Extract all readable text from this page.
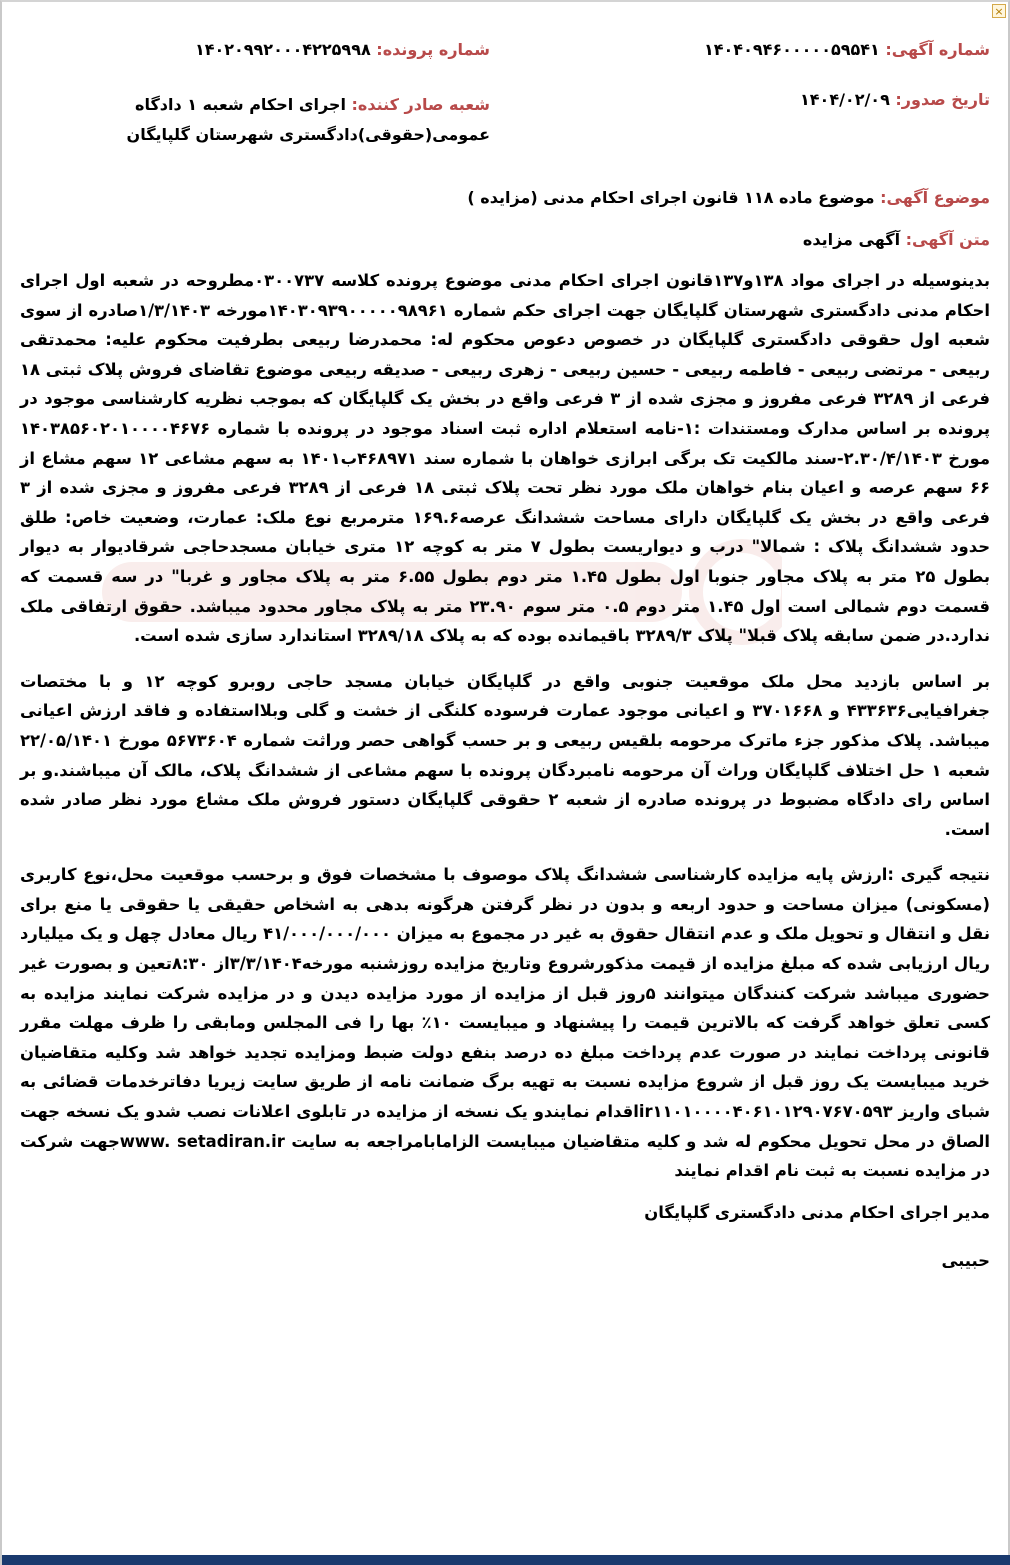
×
شماره آگهی: ۱۴۰۴۰۹۴۶۰۰۰۰۰۵۹۵۴۱
شماره پرونده: ۱۴۰۲۰۹۹۲۰۰۰۴۲۲۵۹۹۸
تاریخ صدور: ۱۴۰۴/۰۲/۰۹
شعبه صادر کننده: اجرای احکام شعبه ۱ دادگاه عمومی(حقوقی)دادگستری شهرستان گلپایگان
موضوع آگهی: موضوع ماده ۱۱۸ قانون اجرای احکام مدنی (مزایده )
متن آگهی: آگهی مزایده

بدینوسیله در اجرای مواد ۱۳۸و۱۳۷قانون اجرای احکام مدنی موضوع پرونده کلاسه ۰۳۰۰۷۳۷مطروحه در شعبه اول اجرای احکام مدنی دادگستری شهرستان گلپایگان جهت اجرای حکم شماره ۱۴۰۳۰۹۳۹۰۰۰۰۰۹۸۹۶۱مورخه ۱/۳/۱۴۰۳صادره از سوی شعبه اول حقوقی دادگستری گلپایگان در خصوص دعوص محکوم له: محمدرضا ربیعی بطرفیت محکوم علیه: محمدتقی ربیعی - مرتضی ربیعی - فاطمه ربیعی - حسین ربیعی - زهری ربیعی - صدیقه ربیعی موضوع تقاضای فروش پلاک ثبتی ۱۸ فرعی از ۳۲۸۹ فرعی مفروز و مجزی شده از ۳ فرعی واقع در بخش یک گلپایگان که بموجب نظریه کارشناسی موجود در پرونده بر اساس مدارک ومستندات :۱-نامه استعلام اداره ثبت اسناد موجود در پرونده با شماره ۱۴۰۳۸۵۶۰۲۰۱۰۰۰۰۴۶۷۶ مورخ ۲.۳۰/۴/۱۴۰۳-سند مالکیت تک برگی ابرازی خواهان با شماره سند ۴۶۸۹۷۱ب۱۴۰۱ به سهم مشاعی ۱۲ سهم مشاع از ۶۶ سهم عرصه و اعیان بنام خواهان ملک مورد نظر تحت پلاک ثبتی ۱۸ فرعی از ۳۲۸۹ فرعی مفروز و مجزی شده از ۳ فرعی واقع در بخش یک گلپایگان دارای مساحت ششدانگ عرصه۱۶۹.۶ مترمربع نوع ملک: عمارت، وضعیت خاص: طلق حدود ششدانگ پلاک : شمالا" درب و دیواریست بطول ۷ متر به کوچه ۱۲ متری خیابان مسجدحاجی شرقادیوار به دیوار بطول ۲۵ متر به پلاک مجاور جنوبا اول بطول ۱.۴۵ متر دوم بطول ۶.۵۵ متر به پلاک مجاور و غربا" در سه قسمت که قسمت دوم شمالی است اول ۱.۴۵ متر دوم ۰.۵ متر سوم ۲۳.۹۰ متر به پلاک مجاور محدود میباشد. حقوق ارتفاقی ملک ندارد.در ضمن سابقه پلاک قبلا" پلاک ۳۲۸۹/۳ باقیمانده بوده که به پلاک ۳۲۸۹/۱۸ استاندارد سازی شده است.

بر اساس بازدید محل ملک موقعیت جنوبی واقع در گلپایگان خیابان مسجد حاجی روبرو کوچه ۱۲ و با مختصات جغرافیایی۴۳۳۶۳۶ و ۳۷۰۱۶۶۸ و اعیانی موجود عمارت فرسوده کلنگی از خشت و گلی وبلااستفاده و فاقد ارزش اعیانی میباشد. پلاک مذکور جزء ماترک مرحومه بلقیس ربیعی و بر حسب گواهی حصر وراثت شماره ۵۶۷۳۶۰۴ مورخ ۲۲/۰۵/۱۴۰۱ شعبه ۱ حل اختلاف گلپایگان وراث آن مرحومه نامبردگان پرونده با سهم مشاعی از ششدانگ پلاک، مالک آن میباشند.و بر اساس رای دادگاه مضبوط در پرونده صادره از شعبه ۲ حقوقی گلپایگان دستور فروش ملک مشاع مورد نظر صادر شده است.

نتیجه گیری :ارزش پایه مزایده کارشناسی ششدانگ پلاک موصوف با مشخصات فوق و برحسب موقعیت محل،نوع کاربری (مسکونی) میزان مساحت و حدود اربعه و بدون در نظر گرفتن هرگونه بدهی به اشخاص حقیقی یا حقوقی یا منع برای نقل و انتقال و تحویل ملک و عدم انتقال حقوق به غیر در مجموع به میزان ۴۱/۰۰۰/۰۰۰/۰۰۰ ریال معادل چهل و یک میلیارد ریال ارزیابی شده که مبلغ مزایده از قیمت مذکورشروع وتاریخ مزایده روزشنبه مورخه۳/۳/۱۴۰۴از ۸:۳۰تعین و بصورت غیر حضوری میباشد شرکت کنندگان میتوانند ۵روز قبل از مزایده از مورد مزایده دیدن و در مزایده شرکت نمایند مزایده به کسی تعلق خواهد گرفت که بالاترین قیمت را پیشنهاد و میبایست ۱۰٪ بها را فی المجلس ومابقی را ظرف مهلت مقرر قانونی پرداخت نمایند در صورت عدم پرداخت مبلغ ده درصد بنفع دولت ضبط ومزایده تجدید خواهد شد وکلیه متقاضیان خرید میبایست یک روز قبل از شروع مزایده نسبت به تهیه برگ ضمانت نامه از طریق سایت زیریا دفاترخدمات قضائی به شبای واریز ir۱۱۰۱۰۰۰۰۴۰۶۱۰۱۲۹۰۷۶۷۰۵۹۳اقدام نمایندو یک نسخه از مزایده در تابلوی اعلانات نصب شدو یک نسخه جهت الصاق در محل تحویل محکوم له شد و کلیه متقاضیان میبایست الزامابامراجعه به سایت www. setadiran.irجهت شرکت در مزایده نسبت به ثبت نام اقدام نمایند

مدیر اجرای احکام مدنی دادگستری گلپایگان
حبیبی
